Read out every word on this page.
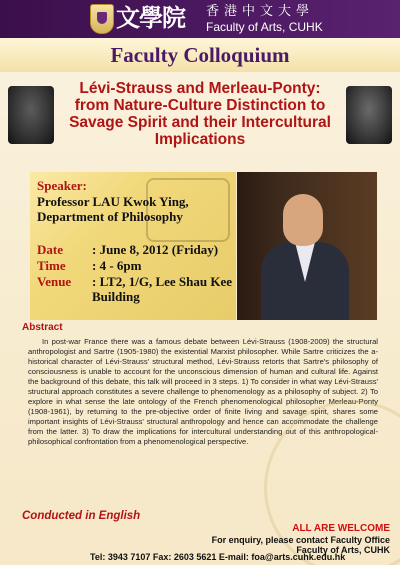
文學院 香港中文大學
Faculty of Arts, CUHK
Faculty Colloquium
Lévi-Strauss and Merleau-Ponty: from Nature-Culture Distinction to Savage Spirit and their Intercultural Implications
Speaker:
Professor LAU Kwok Ying,
Department of Philosophy
Date	: June 8, 2012 (Friday)
Time	: 4 - 6pm
Venue	: LT2, 1/G, Lee Shau Kee Building
Abstract
In post-war France there was a famous debate between Lévi-Strauss (1908-2009) the structural anthropologist and Sartre (1905-1980) the existential Marxist philosopher. While Sartre criticizes the a-historical character of Lévi-Strauss' structural method, Lévi-Strauss retorts that Sartre's philosophy of consciousness is unable to account for the unconscious dimension of human and cultural life. Against the background of this debate, this talk will proceed in 3 steps. 1) To consider in what way Lévi-Strauss' structural approach constitutes a severe challenge to phenomenology as a philosophy of subject. 2) To explore in what sense the late ontology of the French phenomenological philosopher Merleau-Ponty (1908-1961), by returning to the pre-objective order of finite living and savage spirit, shares some important insights of Lévi-Strauss' structural anthropology and hence can accommodate the challenge from the latter. 3) To draw the implications for intercultural understanding out of this anthropological-philosophical confrontation from a phenomenological perspective.
Conducted in English
ALL ARE WELCOME
For enquiry, please contact Faculty Office
Faculty of Arts, CUHK
Tel: 3943 7107 Fax: 2603 5621 E-mail: foa@arts.cuhk.edu.hk
